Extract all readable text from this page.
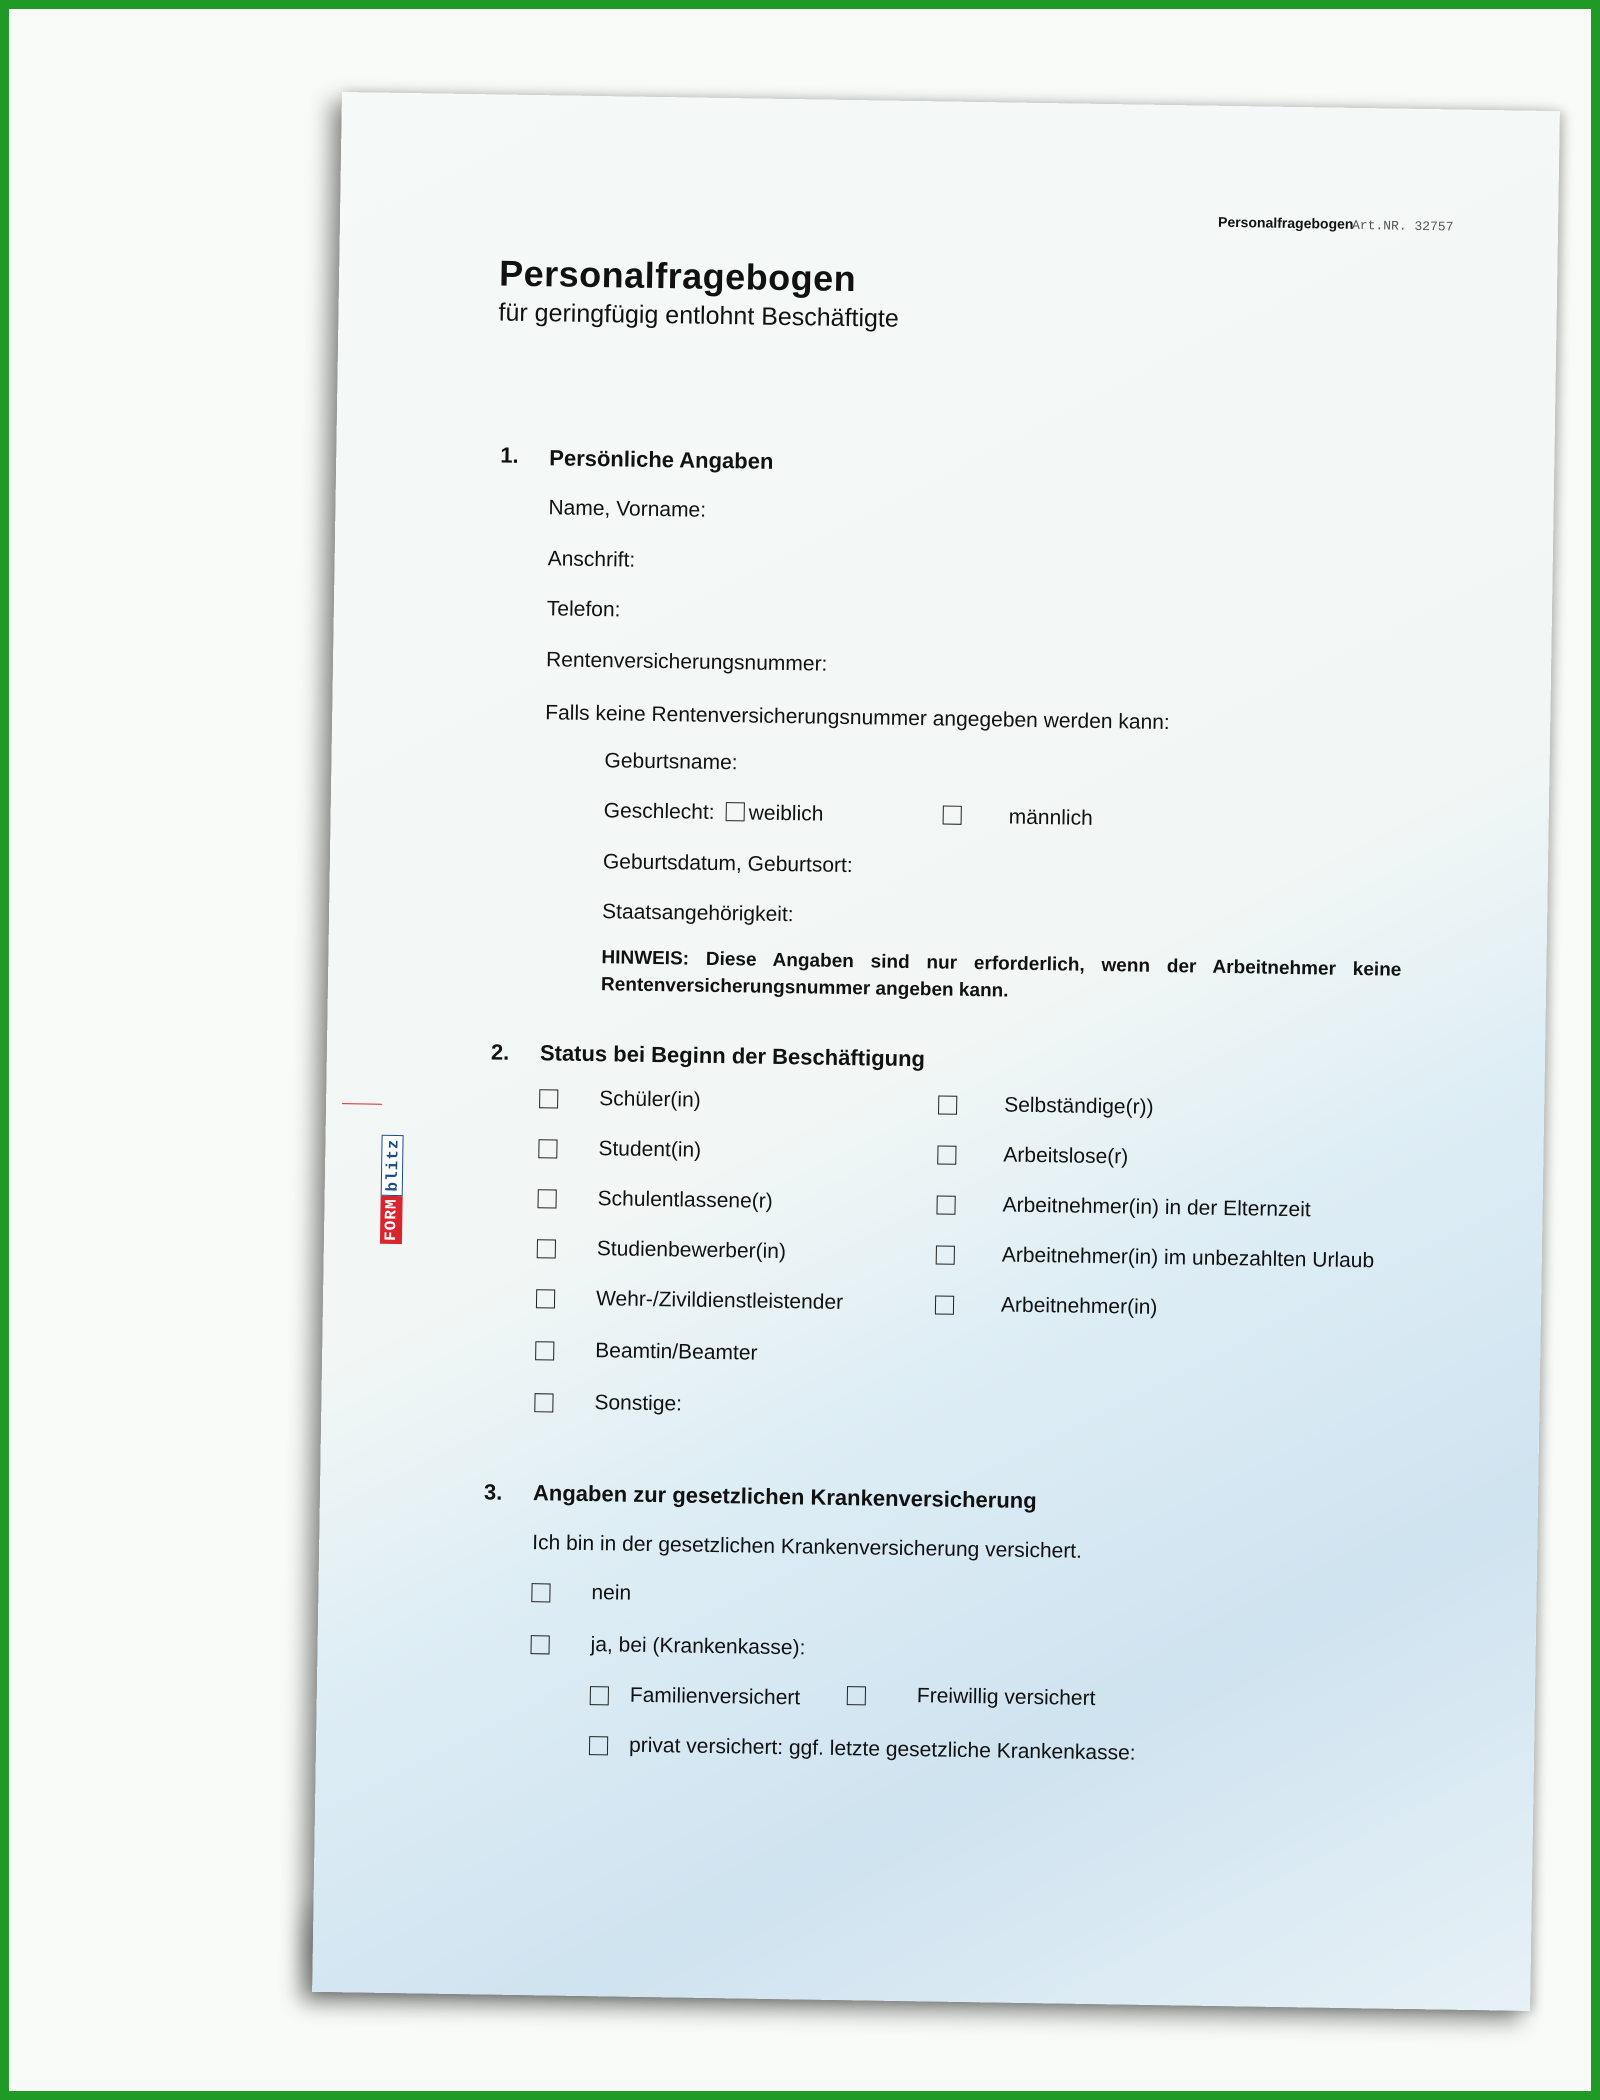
Personalfragebogen
Art.NR. 32757
Personalfragebogen
für geringfügig entlohnt Beschäftigte
FORM
blitz
1. Persönliche Angaben
Name, Vorname:
Anschrift:
Telefon:
Rentenversicherungsnummer:
Falls keine Rentenversicherungsnummer angegeben werden kann:
Geburtsname:
Geschlecht: weiblich	männlich
Geburtsdatum, Geburtsort:
Staatsangehörigkeit:
HINWEIS: Diese Angaben sind nur erforderlich, wenn der Arbeitnehmer keine Rentenversicherungsnummer angeben kann.
2. Status bei Beginn der Beschäftigung
Schüler(in)
Student(in)
Schulentlassene(r)
Studienbewerber(in)
Wehr-/Zivildienstleistender
Beamtin/Beamter
Sonstige:
Selbständige(r))
Arbeitslose(r)
Arbeitnehmer(in) in der Elternzeit
Arbeitnehmer(in) im unbezahlten Urlaub
Arbeitnehmer(in)
3. Angaben zur gesetzlichen Krankenversicherung
Ich bin in der gesetzlichen Krankenversicherung versichert.
nein
ja, bei (Krankenkasse):
Familienversichert	Freiwillig versichert
privat versichert: ggf. letzte gesetzliche Krankenkasse:
